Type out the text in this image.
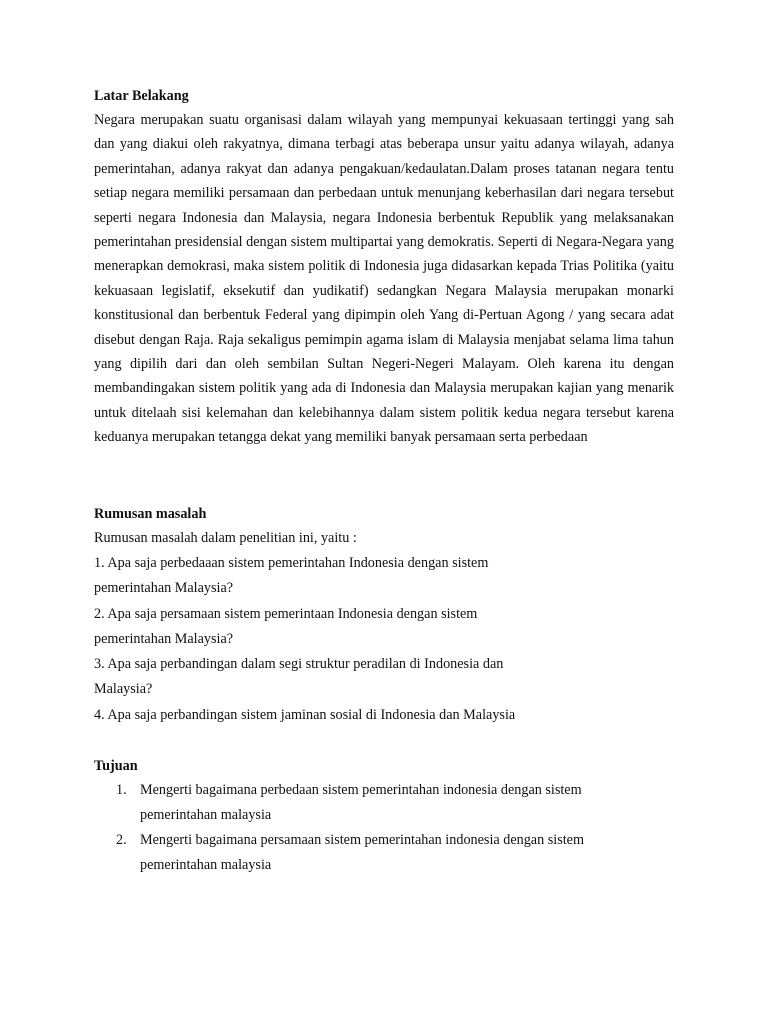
Latar Belakang

Negara merupakan suatu organisasi dalam wilayah yang mempunyai kekuasaan tertinggi yang sah dan yang diakui oleh rakyatnya, dimana terbagi atas beberapa unsur yaitu adanya wilayah, adanya pemerintahan, adanya rakyat dan adanya pengakuan/kedaulatan.Dalam proses tatanan negara tentu setiap negara memiliki persamaan dan perbedaan untuk menunjang keberhasilan dari negara tersebut seperti negara Indonesia dan Malaysia, negara Indonesia berbentuk Republik yang melaksanakan pemerintahan presidensial dengan sistem multipartai yang demokratis. Seperti di Negara-Negara yang menerapkan demokrasi, maka sistem politik di Indonesia juga didasarkan kepada Trias Politika (yaitu kekuasaan legislatif, eksekutif dan yudikatif) sedangkan Negara Malaysia merupakan monarki konstitusional dan berbentuk Federal yang dipimpin oleh Yang di-Pertuan Agong / yang secara adat disebut dengan Raja. Raja sekaligus pemimpin agama islam di Malaysia menjabat selama lima tahun yang dipilih dari dan oleh sembilan Sultan Negeri-Negeri Malayam. Oleh karena itu dengan membandingakan sistem politik yang ada di Indonesia dan Malaysia merupakan kajian yang menarik untuk ditelaah sisi kelemahan dan kelebihannya dalam sistem politik kedua negara tersebut karena keduanya merupakan tetangga dekat yang memiliki banyak persamaan serta perbedaan

Rumusan masalah

Rumusan masalah dalam penelitian ini, yaitu :

1. Apa saja perbedaaan sistem pemerintahan Indonesia dengan sistem pemerintahan Malaysia?

2. Apa saja persamaan sistem pemerintaan Indonesia dengan sistem pemerintahan Malaysia?

3. Apa saja perbandingan dalam segi struktur peradilan di Indonesia dan Malaysia?

4. Apa saja perbandingan sistem jaminan sosial di Indonesia dan Malaysia

Tujuan
1. Mengerti bagaimana perbedaan sistem pemerintahan indonesia dengan sistem pemerintahan malaysia
2. Mengerti bagaimana persamaan sistem pemerintahan indonesia dengan sistem pemerintahan malaysia
